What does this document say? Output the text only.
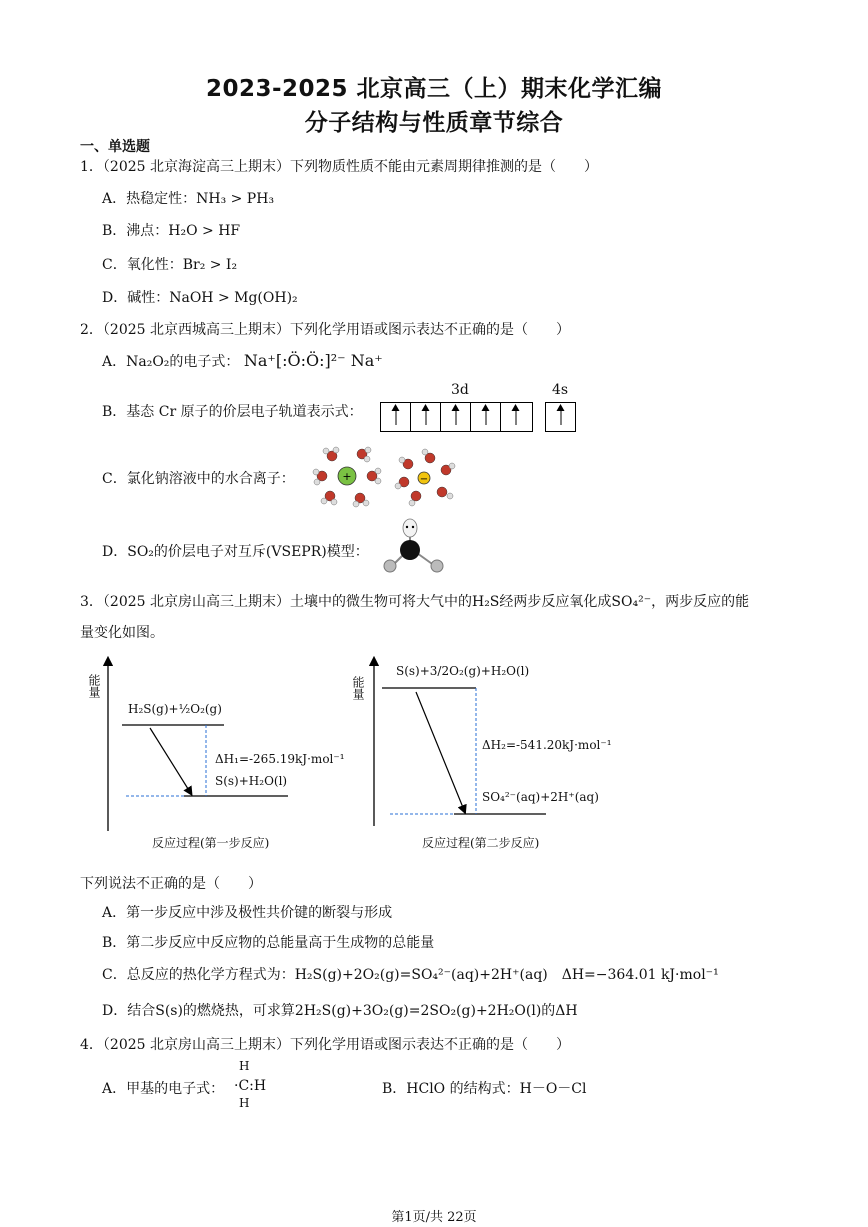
2023-2025 北京高三（上）期末化学汇编
分子结构与性质章节综合
一、单选题
1．（2025 北京海淀高三上期末）下列物质性质不能由元素周期律推测的是（　　）
A．热稳定性：NH₃ > PH₃
B．沸点：H₂O > HF
C．氧化性：Br₂ > I₂
D．碱性：NaOH > Mg(OH)₂
2．（2025 北京西城高三上期末）下列化学用语或图示表达不正确的是（　　）
A．Na₂O₂的电子式： Na⁺[:Ö:Ö:]²⁻ Na⁺
B．基态 Cr 原子的价层电子轨道表示式：
3d	4s
C．氯化钠溶液中的水合离子：	+	−
D．SO₂的价层电子对互斥(VSEPR)模型：
3．（2025 北京房山高三上期末）土壤中的微生物可将大气中的H₂S经两步反应氧化成SO₄²⁻，两步反应的能
量变化如图。
能量
H₂S(g)+½O₂(g)
ΔH₁=-265.19kJ·mol⁻¹
S(s)+H₂O(l)
反应过程(第一步反应)
能量
S(s)+3/2O₂(g)+H₂O(l)
ΔH₂=-541.20kJ·mol⁻¹
SO₄²⁻(aq)+2H⁺(aq)
反应过程(第二步反应)
下列说法不正确的是（　　）
A．第一步反应中涉及极性共价键的断裂与形成
B．第二步反应中反应物的总能量高于生成物的总能量
C．总反应的热化学方程式为：H₂S(g)+2O₂(g)=SO₄²⁻(aq)+2H⁺(aq)　ΔH=−364.01 kJ·mol⁻¹
D．结合S(s)的燃烧热，可求算2H₂S(g)+3O₂(g)=2SO₂(g)+2H₂O(l)的ΔH
4．（2025 北京房山高三上期末）下列化学用语或图示表达不正确的是（　　）
A．甲基的电子式：
H
·C:H
H
B．HClO 的结构式：H－O－Cl
第1页/共 22页
